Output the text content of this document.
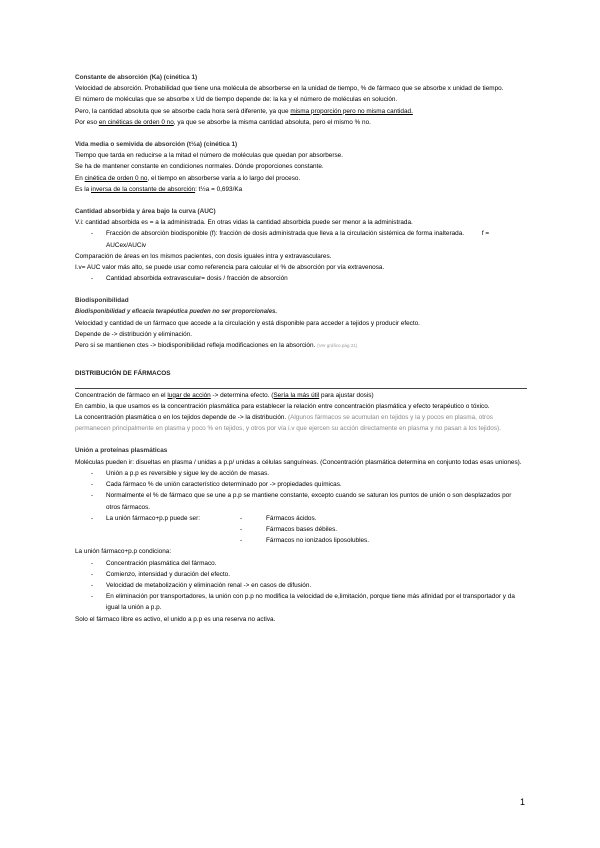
Constante de absorción (Ka) (cinética 1)

Velocidad de absorción. Probabilidad que tiene una molécula de absorberse en la unidad de tiempo, % de fármaco que se absorbe x unidad de tiempo.

El número de moléculas que se absorbe x Ud de tiempo depende de: la ka y el número de moléculas en solución.

Pero, la cantidad absoluta que se absorbe cada hora será diferente, ya que misma proporción pero no misma cantidad.

Por eso en cinéticas de orden 0 no, ya que se absorbe la misma cantidad absoluta, pero el mismo % no.

Vida media o semivida de absorción (t½a) (cinética 1)

Tiempo que tarda en reducirse a la mitad el número de moléculas que quedan por absorberse.

Se ha de mantener constante en condiciones normales. Dónde proporciones constante.

En cinética de orden 0 no, el tiempo en absorberse varía a lo largo del proceso.

Es la inversa de la constante de absorción: t½a = 0,693/Ka

Cantidad absorbida y área bajo la curva (AUC)

V.i: cantidad absorbida es = a la administrada. En otras vidas la cantidad absorbida puede ser menor a la administrada.

- Fracción de absorción biodisponible (f): fracción de dosis administrada que lleva a la circulación sistémica de forma inalterada.	f = AUCex/AUCiv

Comparación de áreas en los mismos pacientes, con dosis iguales intra y extravasculares.

I.v= AUC valor más alto, se puede usar como referencia para calcular el % de absorción por vía extravenosa.

- Cantidad absorbida extravascular= dosis / fracción de absorción

Biodisponibilidad

Biodisponibilidad y eficacia terapéutica pueden no ser proporcionales.

Velocidad y cantidad de un fármaco que accede a la circulación y está disponible para acceder a tejidos y producir efecto.

Depende de -> distribución y eliminación.

Pero si se mantienen ctes -> biodisponibilidad refleja modificaciones en la absorción. (Ver gráfico pág 21)

DISTRIBUCIÓN DE FÁRMACOS

Concentración de fármaco en el lugar de acción -> determina efecto. (Sería la más útil para ajustar dosis)

En cambio, la que usamos es la concentración plasmática para establecer la relación entre concentración plasmática y efecto terapéutico o tóxico.

La concentración plasmática o en los tejidos depende de -> la distribución. (Algunos fármacos se acumulan en tejidos y la y pocos en plasma, otros permanecen principalmente en plasma y poco % en tejidos, y otros por vía i.v que ejercen su acción directamente en plasma y no pasan a los tejidos).

Unión a proteínas plasmáticas

Moléculas pueden ir: disueltas en plasma / unidas a p.p/ unidas a células sanguíneas. (Concentración plasmática determina en conjunto todas esas uniones).

- Unión a p.p es reversible y sigue ley de acción de masas.

- Cada fármaco % de unión característico determinado por -> propiedades químicas.

- Normalmente el % de fármaco que se une a p.p se mantiene constante, excepto cuando se saturan los puntos de unión o son desplazados por otros fármacos.

- La unión fármaco+p.p puede ser:	-	Fármacos ácidos.
-	Fármacos bases débiles.
-	Fármacos no ionizados liposolubles.

La unión fármaco+p.p condiciona:

- Concentración plasmática del fármaco.

- Comienzo, intensidad y duración del efecto.

- Velocidad de metabolización y eliminación renal -> en casos de difusión.

- En eliminación por transportadores, la unión con p.p no modifica la velocidad de e,limitación, porque tiene más afinidad por el transportador y da igual la unión a p.p.

Solo el fármaco libre es activo, el unido a p.p es una reserva no activa.

1
